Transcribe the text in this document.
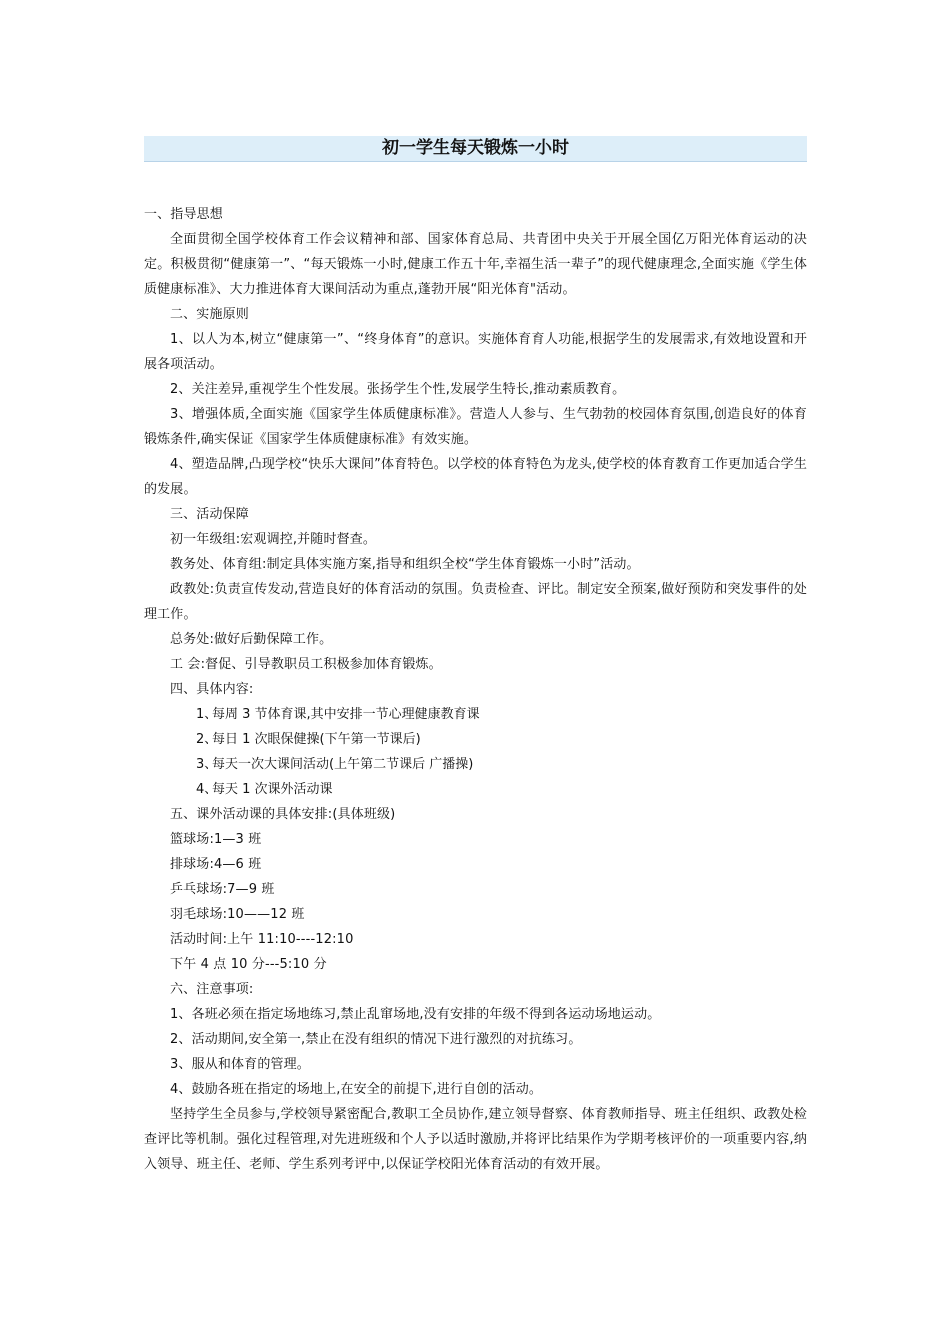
初一学生每天锻炼一小时

一、指导思想

全面贯彻全国学校体育工作会议精神和部、国家体育总局、共青团中央关于开展全国亿万阳光体育运动的决定。积极贯彻“健康第一”、“每天锻炼一小时,健康工作五十年,幸福生活一辈子”的现代健康理念,全面实施《学生体质健康标准》、大力推进体育大课间活动为重点,蓬勃开展“阳光体育"活动。

二、实施原则

1、以人为本,树立“健康第一”、“终身体育”的意识。实施体育育人功能,根据学生的发展需求,有效地设置和开展各项活动。

2、关注差异,重视学生个性发展。张扬学生个性,发展学生特长,推动素质教育。

3、增强体质,全面实施《国家学生体质健康标准》。营造人人参与、生气勃勃的校园体育氛围,创造良好的体育锻炼条件,确实保证《国家学生体质健康标准》有效实施。

4、塑造品牌,凸现学校“快乐大课间”体育特色。以学校的体育特色为龙头,使学校的体育教育工作更加适合学生的发展。

三、活动保障

初一年级组:宏观调控,并随时督查。

教务处、体育组:制定具体实施方案,指导和组织全校“学生体育锻炼一小时”活动。

政教处:负责宣传发动,营造良好的体育活动的氛围。负责检查、评比。制定安全预案,做好预防和突发事件的处理工作。

总务处:做好后勤保障工作。

工 会:督促、引导教职员工积极参加体育锻炼。

四、具体内容:

1、每周 3 节体育课,其中安排一节心理健康教育课

2、每日 1 次眼保健操(下午第一节课后)

3、每天一次大课间活动(上午第二节课后 广播操)

4、每天 1 次课外活动课

五、课外活动课的具体安排:(具体班级)

篮球场:1—3 班

排球场:4—6 班

乒乓球场:7—9 班

羽毛球场:10——12 班

活动时间:上午 11:10----12:10

下午 4 点 10 分---5:10 分

六、注意事项:

1、各班必须在指定场地练习,禁止乱窜场地,没有安排的年级不得到各运动场地运动。

2、活动期间,安全第一,禁止在没有组织的情况下进行激烈的对抗练习。

3、服从和体育的管理。

4、鼓励各班在指定的场地上,在安全的前提下,进行自创的活动。

坚持学生全员参与,学校领导紧密配合,教职工全员协作,建立领导督察、体育教师指导、班主任组织、政教处检查评比等机制。强化过程管理,对先进班级和个人予以适时激励,并将评比结果作为学期考核评价的一项重要内容,纳入领导、班主任、老师、学生系列考评中,以保证学校阳光体育活动的有效开展。
